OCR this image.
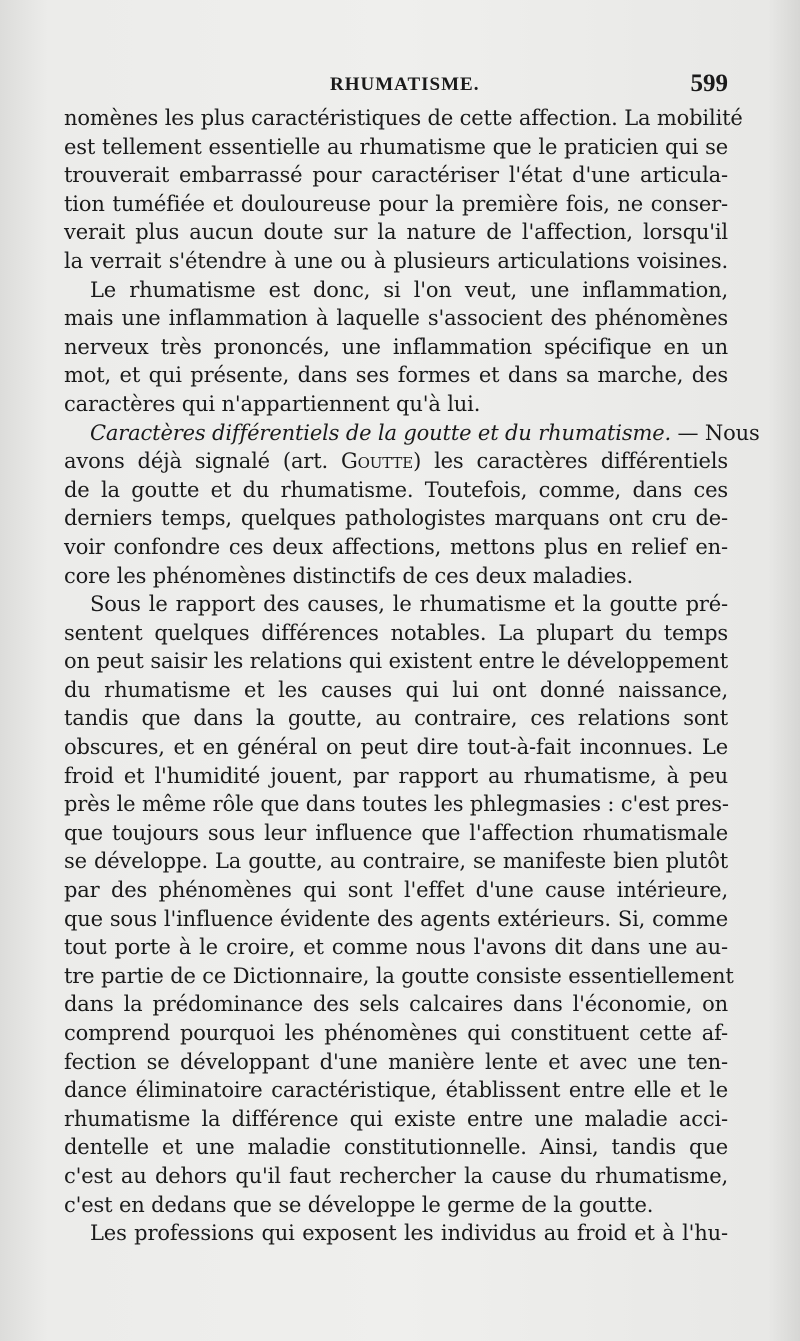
RHUMATISME.	599
nomènes les plus caractéristiques de cette affection. La mobilité
est tellement essentielle au rhumatisme que le praticien qui se
trouverait embarrassé pour caractériser l'état d'une articula-
tion tuméfiée et douloureuse pour la première fois, ne conser-
verait plus aucun doute sur la nature de l'affection, lorsqu'il
la verrait s'étendre à une ou à plusieurs articulations voisines.
Le rhumatisme est donc, si l'on veut, une inflammation,
mais une inflammation à laquelle s'associent des phénomènes
nerveux très prononcés, une inflammation spécifique en un
mot, et qui présente, dans ses formes et dans sa marche, des
caractères qui n'appartiennent qu'à lui.
Caractères différentiels de la goutte et du rhumatisme. — Nous
avons déjà signalé (art. Goutte) les caractères différentiels
de la goutte et du rhumatisme. Toutefois, comme, dans ces
derniers temps, quelques pathologistes marquans ont cru de-
voir confondre ces deux affections, mettons plus en relief en-
core les phénomènes distinctifs de ces deux maladies.
Sous le rapport des causes, le rhumatisme et la goutte pré-
sentent quelques différences notables. La plupart du temps
on peut saisir les relations qui existent entre le développement
du rhumatisme et les causes qui lui ont donné naissance,
tandis que dans la goutte, au contraire, ces relations sont
obscures, et en général on peut dire tout-à-fait inconnues. Le
froid et l'humidité jouent, par rapport au rhumatisme, à peu
près le même rôle que dans toutes les phlegmasies : c'est pres-
que toujours sous leur influence que l'affection rhumatismale
se développe. La goutte, au contraire, se manifeste bien plutôt
par des phénomènes qui sont l'effet d'une cause intérieure,
que sous l'influence évidente des agents extérieurs. Si, comme
tout porte à le croire, et comme nous l'avons dit dans une au-
tre partie de ce Dictionnaire, la goutte consiste essentiellement
dans la prédominance des sels calcaires dans l'économie, on
comprend pourquoi les phénomènes qui constituent cette af-
fection se développant d'une manière lente et avec une ten-
dance éliminatoire caractéristique, établissent entre elle et le
rhumatisme la différence qui existe entre une maladie acci-
dentelle et une maladie constitutionnelle. Ainsi, tandis que
c'est au dehors qu'il faut rechercher la cause du rhumatisme,
c'est en dedans que se développe le germe de la goutte.
Les professions qui exposent les individus au froid et à l'hu-
